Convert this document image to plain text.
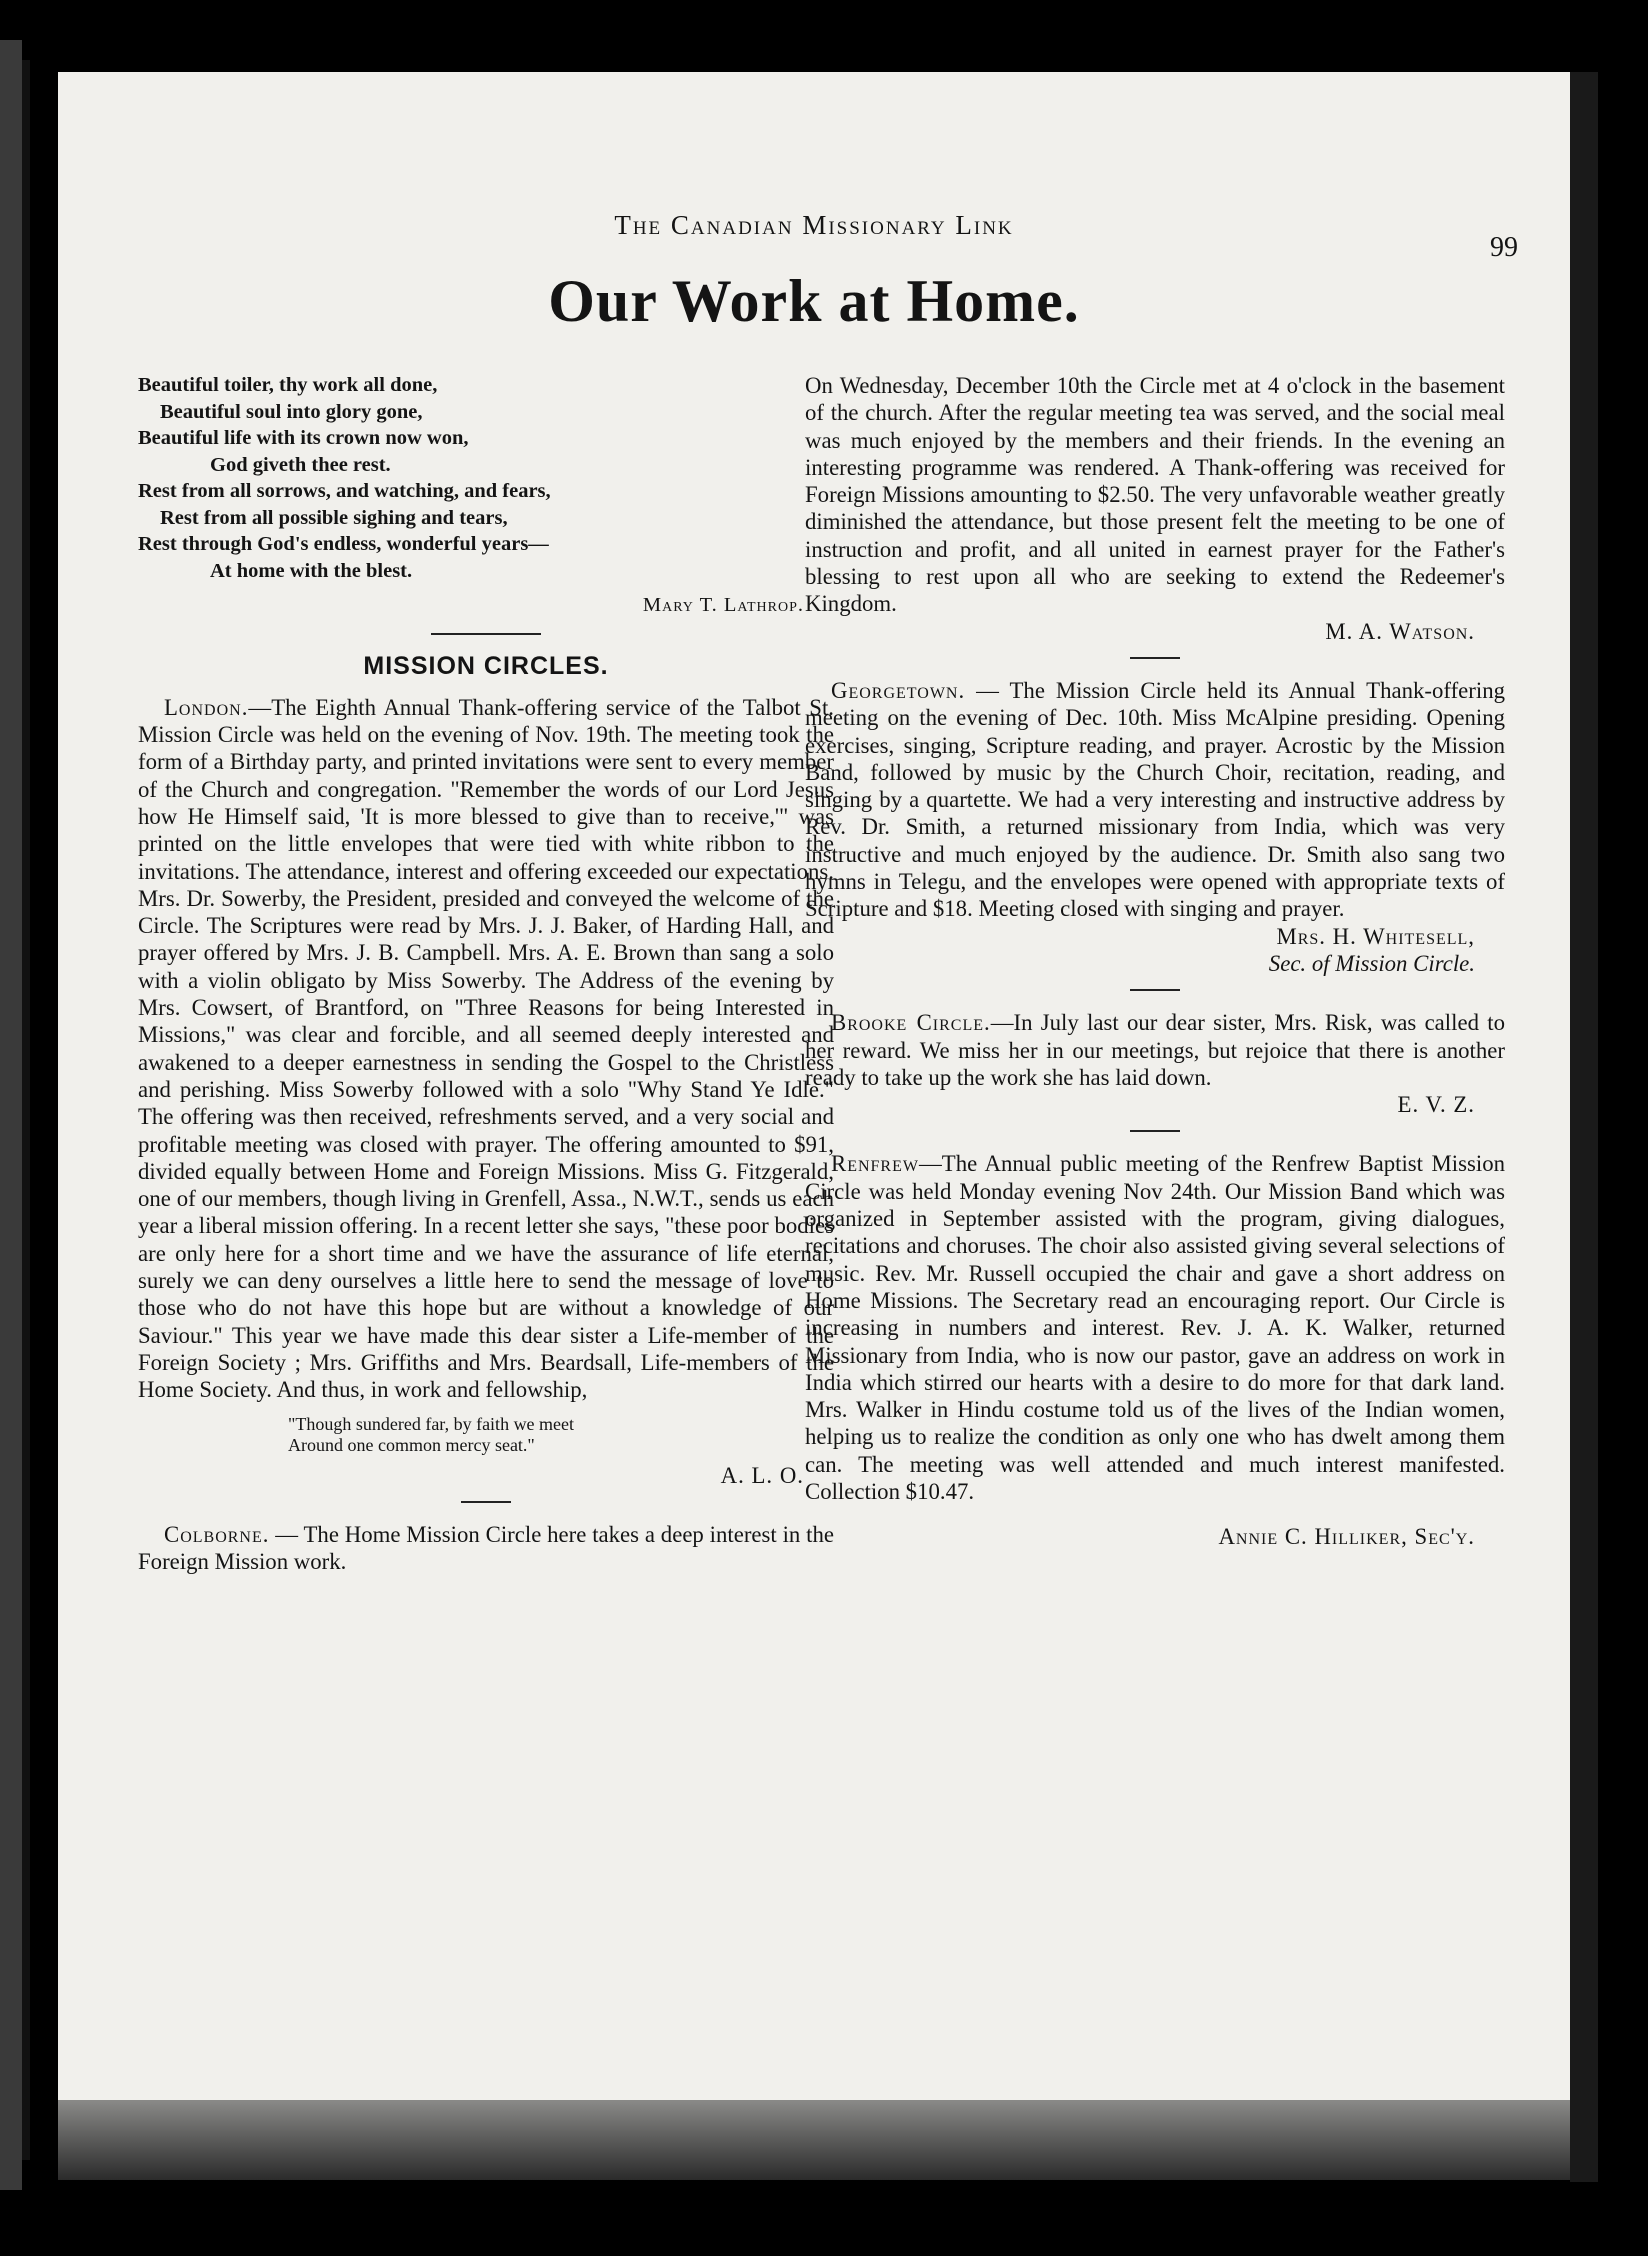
The Canadian Missionary Link
99
Our Work at Home.
Beautiful toiler, thy work all done,
Beautiful soul into glory gone,
Beautiful life with its crown now won,
God giveth thee rest.
Rest from all sorrows, and watching, and fears,
Rest from all possible sighing and tears,
Rest through God's endless, wonderful years—
At home with the blest.
Mary T. Lathrop.
MISSION CIRCLES.

London.—The Eighth Annual Thank-offering service of the Talbot St. Mission Circle was held on the evening of Nov. 19th. The meeting took the form of a Birthday party, and printed invitations were sent to every member of the Church and congregation. "Remember the words of our Lord Jesus how He Himself said, 'It is more blessed to give than to receive,'" was printed on the little envelopes that were tied with white ribbon to the invitations. The attendance, interest and offering exceeded our expectations. Mrs. Dr. Sowerby, the President, presided and conveyed the welcome of the Circle. The Scriptures were read by Mrs. J. J. Baker, of Harding Hall, and prayer offered by Mrs. J. B. Campbell. Mrs. A. E. Brown than sang a solo with a violin obligato by Miss Sowerby. The Address of the evening by Mrs. Cowsert, of Brantford, on "Three Reasons for being Interested in Missions," was clear and forcible, and all seemed deeply interested and awakened to a deeper earnestness in sending the Gospel to the Christless and perishing. Miss Sowerby followed with a solo "Why Stand Ye Idle." The offering was then received, refreshments served, and a very social and profitable meeting was closed with prayer. The offering amounted to $91, divided equally between Home and Foreign Missions. Miss G. Fitzgerald, one of our members, though living in Grenfell, Assa., N.W.T., sends us each year a liberal mission offering. In a recent letter she says, "these poor bodies are only here for a short time and we have the assurance of life eternal, surely we can deny ourselves a little here to send the message of love to those who do not have this hope but are without a knowledge of our Saviour." This year we have made this dear sister a Life-member of the Foreign Society ; Mrs. Griffiths and Mrs. Beardsall, Life-members of the Home Society. And thus, in work and fellowship,

"Though sundered far, by faith we meet
Around one common mercy seat."
A. L. O.

Colborne. — The Home Mission Circle here takes a deep interest in the Foreign Mission work.

On Wednesday, December 10th the Circle met at 4 o'clock in the basement of the church. After the regular meeting tea was served, and the social meal was much enjoyed by the members and their friends. In the evening an interesting programme was rendered. A Thank-offering was received for Foreign Missions amounting to $2.50. The very unfavorable weather greatly diminished the attendance, but those present felt the meeting to be one of instruction and profit, and all united in earnest prayer for the Father's blessing to rest upon all who are seeking to extend the Redeemer's Kingdom.

M. A. Watson.

Georgetown. — The Mission Circle held its Annual Thank-offering meeting on the evening of Dec. 10th. Miss McAlpine presiding. Opening exercises, singing, Scripture reading, and prayer. Acrostic by the Mission Band, followed by music by the Church Choir, recitation, reading, and singing by a quartette. We had a very interesting and instructive address by Rev. Dr. Smith, a returned missionary from India, which was very instructive and much enjoyed by the audience. Dr. Smith also sang two hymns in Telegu, and the envelopes were opened with appropriate texts of Scripture and $18. Meeting closed with singing and prayer.

Mrs. H. Whitesell,
Sec. of Mission Circle.

Brooke Circle.—In July last our dear sister, Mrs. Risk, was called to her reward. We miss her in our meetings, but rejoice that there is another ready to take up the work she has laid down.

E. V. Z.

Renfrew—The Annual public meeting of the Renfrew Baptist Mission Circle was held Monday evening Nov 24th. Our Mission Band which was organized in September assisted with the program, giving dialogues, recitations and choruses. The choir also assisted giving several selections of music. Rev. Mr. Russell occupied the chair and gave a short address on Home Missions. The Secretary read an encouraging report. Our Circle is increasing in numbers and interest. Rev. J. A. K. Walker, returned Missionary from India, who is now our pastor, gave an address on work in India which stirred our hearts with a desire to do more for that dark land. Mrs. Walker in Hindu costume told us of the lives of the Indian women, helping us to realize the condition as only one who has dwelt among them can. The meeting was well attended and much interest manifested. Collection $10.47.

Annie C. Hilliker, Sec'y.
